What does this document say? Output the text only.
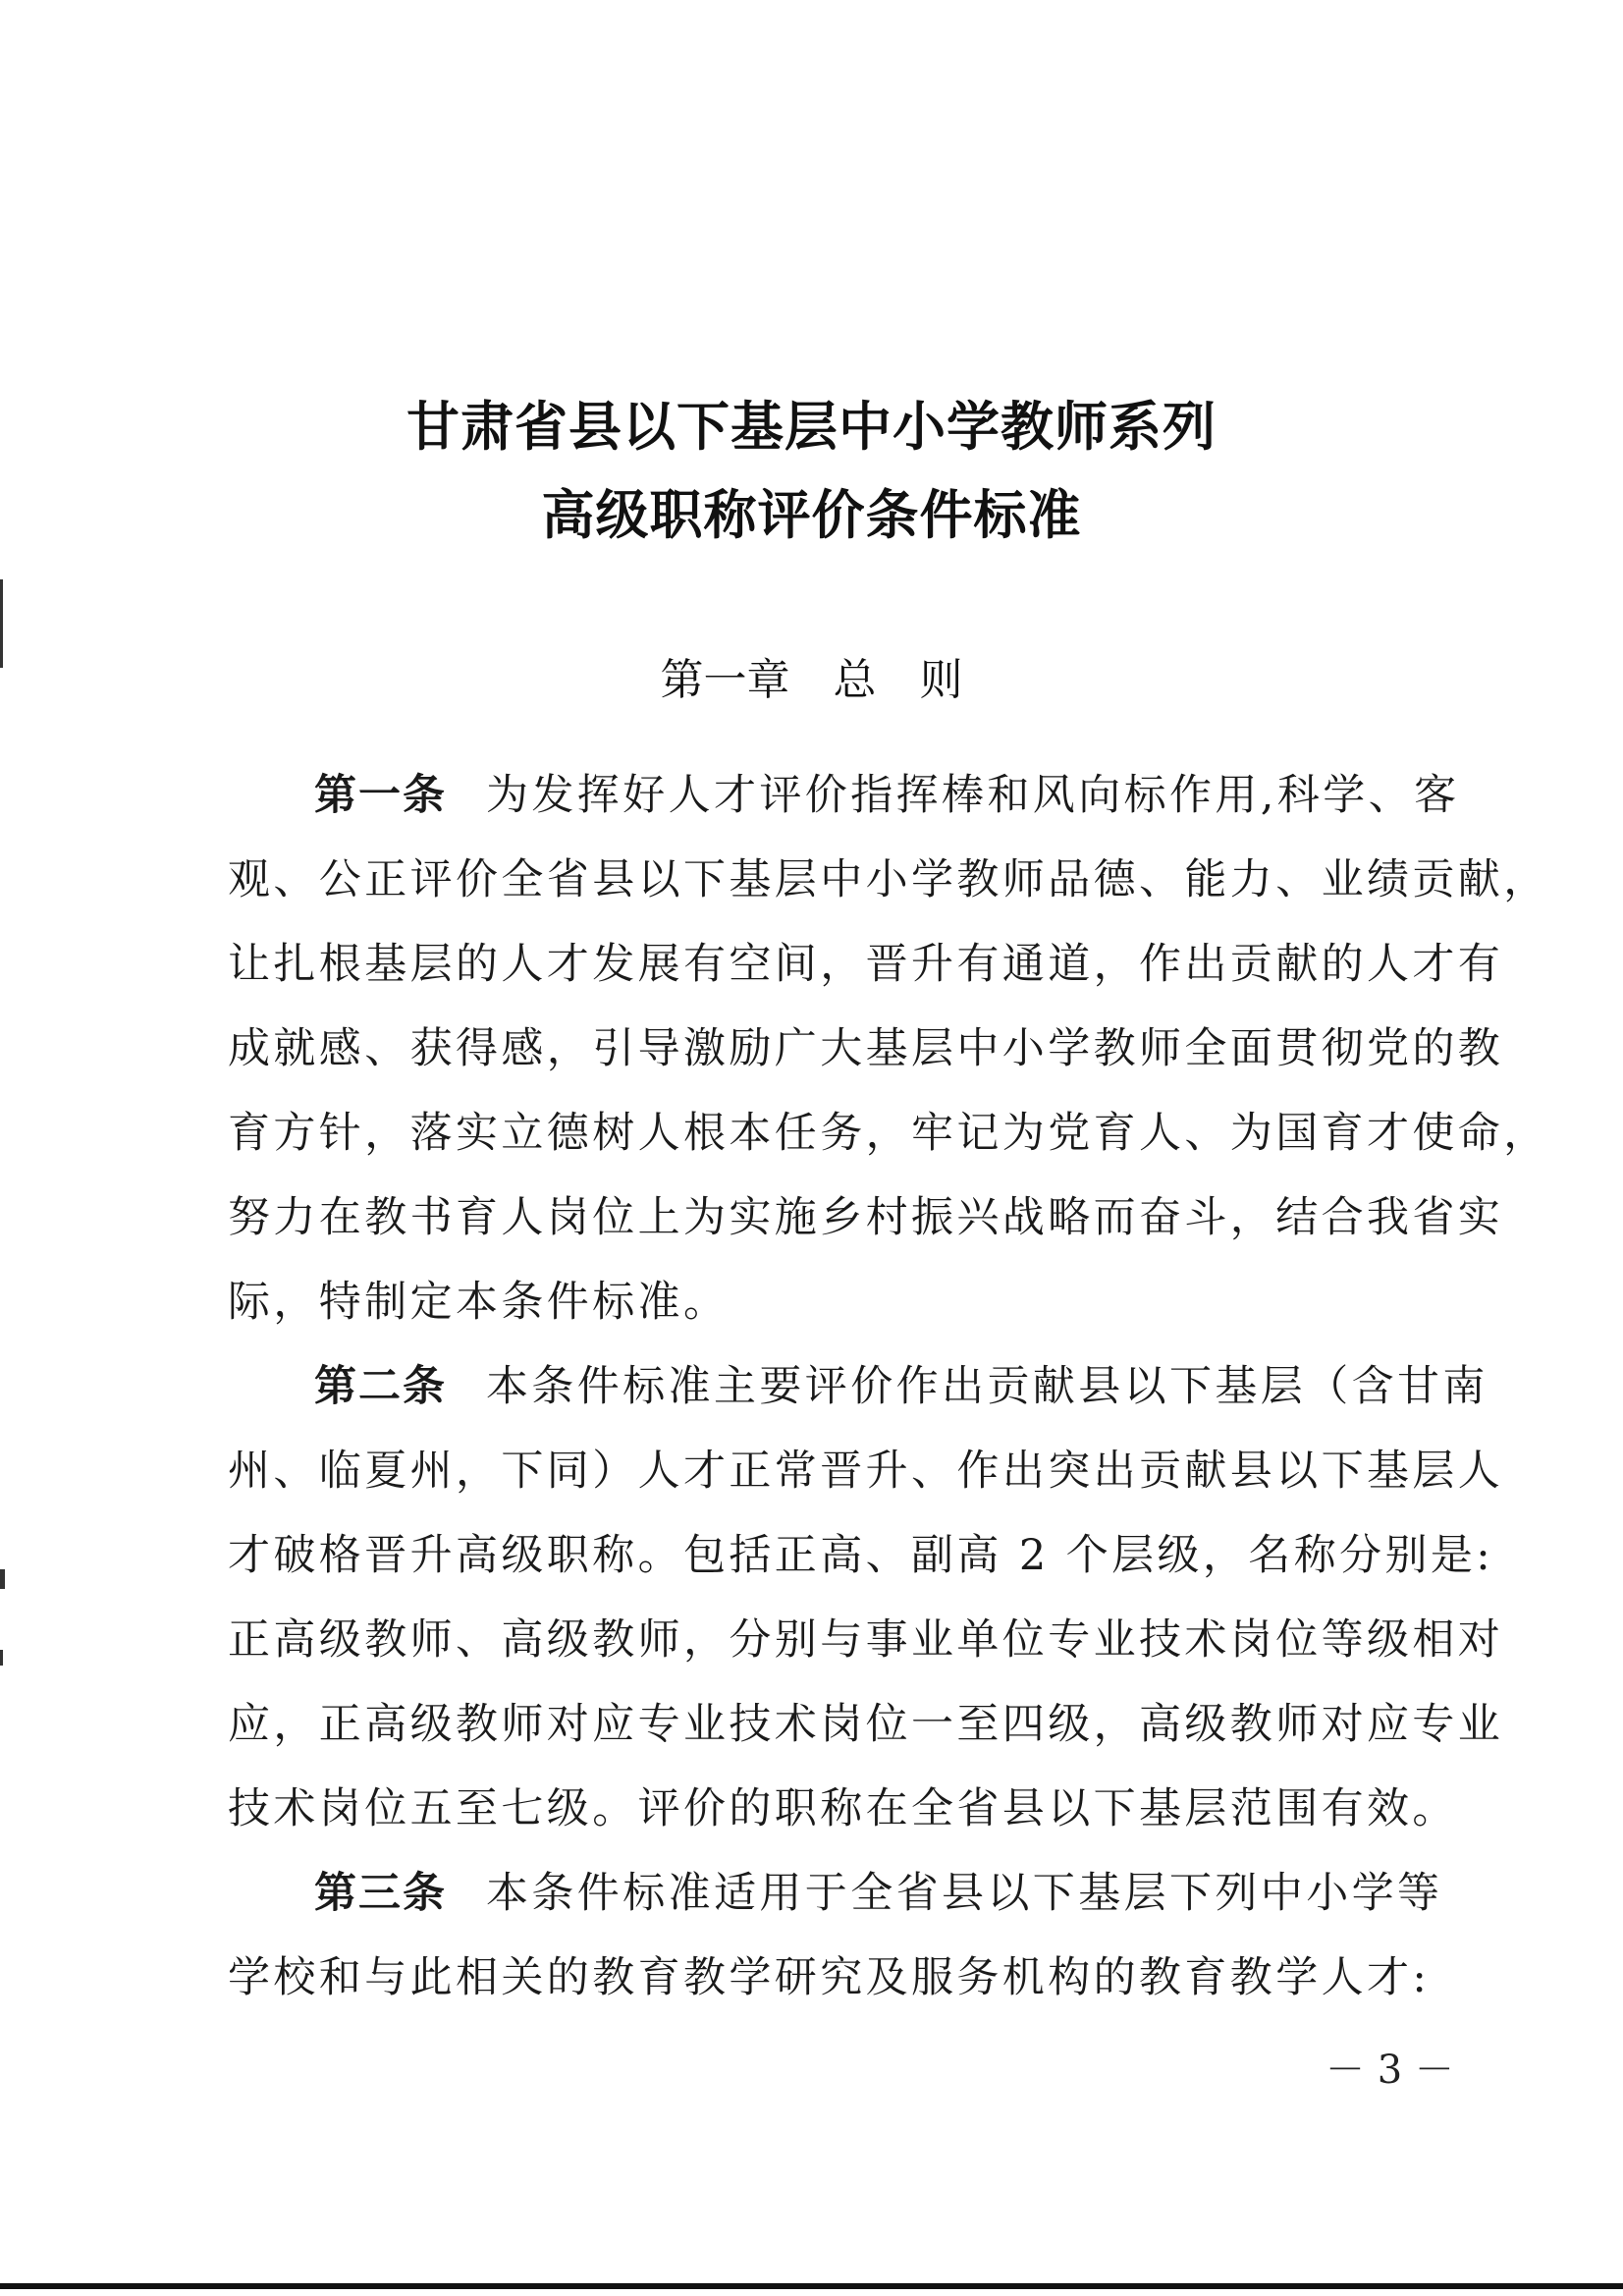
甘肃省县以下基层中小学教师系列
高级职称评价条件标准
第一章　总　则
第一条 为发挥好人才评价指挥棒和风向标作用,科学、客
观、公正评价全省县以下基层中小学教师品德、能力、业绩贡献，
让扎根基层的人才发展有空间，晋升有通道，作出贡献的人才有
成就感、获得感，引导激励广大基层中小学教师全面贯彻党的教
育方针，落实立德树人根本任务，牢记为党育人、为国育才使命，
努力在教书育人岗位上为实施乡村振兴战略而奋斗，结合我省实
际，特制定本条件标准。
第二条 本条件标准主要评价作出贡献县以下基层（含甘南
州、临夏州，下同）人才正常晋升、作出突出贡献县以下基层人
才破格晋升高级职称。包括正高、副高 2 个层级，名称分别是:
正高级教师、高级教师，分别与事业单位专业技术岗位等级相对
应，正高级教师对应专业技术岗位一至四级，高级教师对应专业
技术岗位五至七级。评价的职称在全省县以下基层范围有效。
第三条 本条件标准适用于全省县以下基层下列中小学等
学校和与此相关的教育教学研究及服务机构的教育教学人才:
－ 3 －
